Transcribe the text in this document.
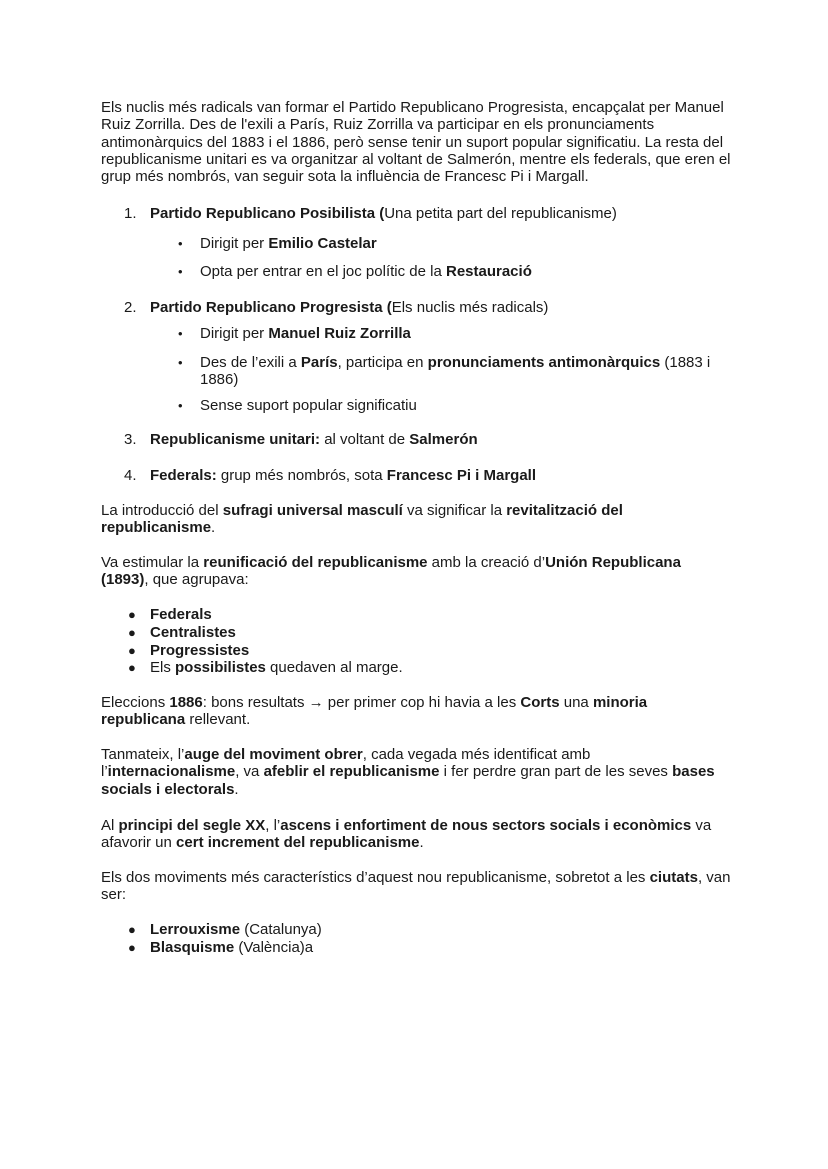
Els nuclis més radicals van formar el Partido Republicano Progresista, encapçalat per Manuel Ruiz Zorrilla. Des de l'exili a París, Ruiz Zorrilla va participar en els pronunciaments antimonàrquics del 1883 i el 1886, però sense tenir un suport popular significatiu. La resta del republicanisme unitari es va organitzar al voltant de Salmerón, mentre els federals, que eren el grup més nombrós, van seguir sota la influència de Francesc Pi i Margall.
1. Partido Republicano Posibilista (Una petita part del republicanisme)
• Dirigit per Emilio Castelar
• Opta per entrar en el joc polític de la Restauració
2. Partido Republicano Progresista (Els nuclis més radicals)
• Dirigit per Manuel Ruiz Zorrilla
• Des de l’exili a París, participa en pronunciaments antimonàrquics (1883 i 1886)
• Sense suport popular significatiu
3. Republicanisme unitari: al voltant de Salmerón
4. Federals: grup més nombrós, sota Francesc Pi i Margall
La introducció del sufragi universal masculí va significar la revitalització del republicanisme.
Va estimular la reunificació del republicanisme amb la creació d’Unión Republicana (1893), que agrupava:
● Federals
● Centralistes
● Progressistes
● Els possibilistes quedaven al marge.
Eleccions 1886: bons resultats → per primer cop hi havia a les Corts una minoria republicana rellevant.
Tanmateix, l’auge del moviment obrer, cada vegada més identificat amb l’internacionalisme, va afeblir el republicanisme i fer perdre gran part de les seves bases socials i electorals.
Al principi del segle XX, l’ascens i enfortiment de nous sectors socials i econòmics va afavorir un cert increment del republicanisme.
Els dos moviments més característics d’aquest nou republicanisme, sobretot a les ciutats, van ser:
● Lerrouxisme (Catalunya)
● Blasquisme (València)a
